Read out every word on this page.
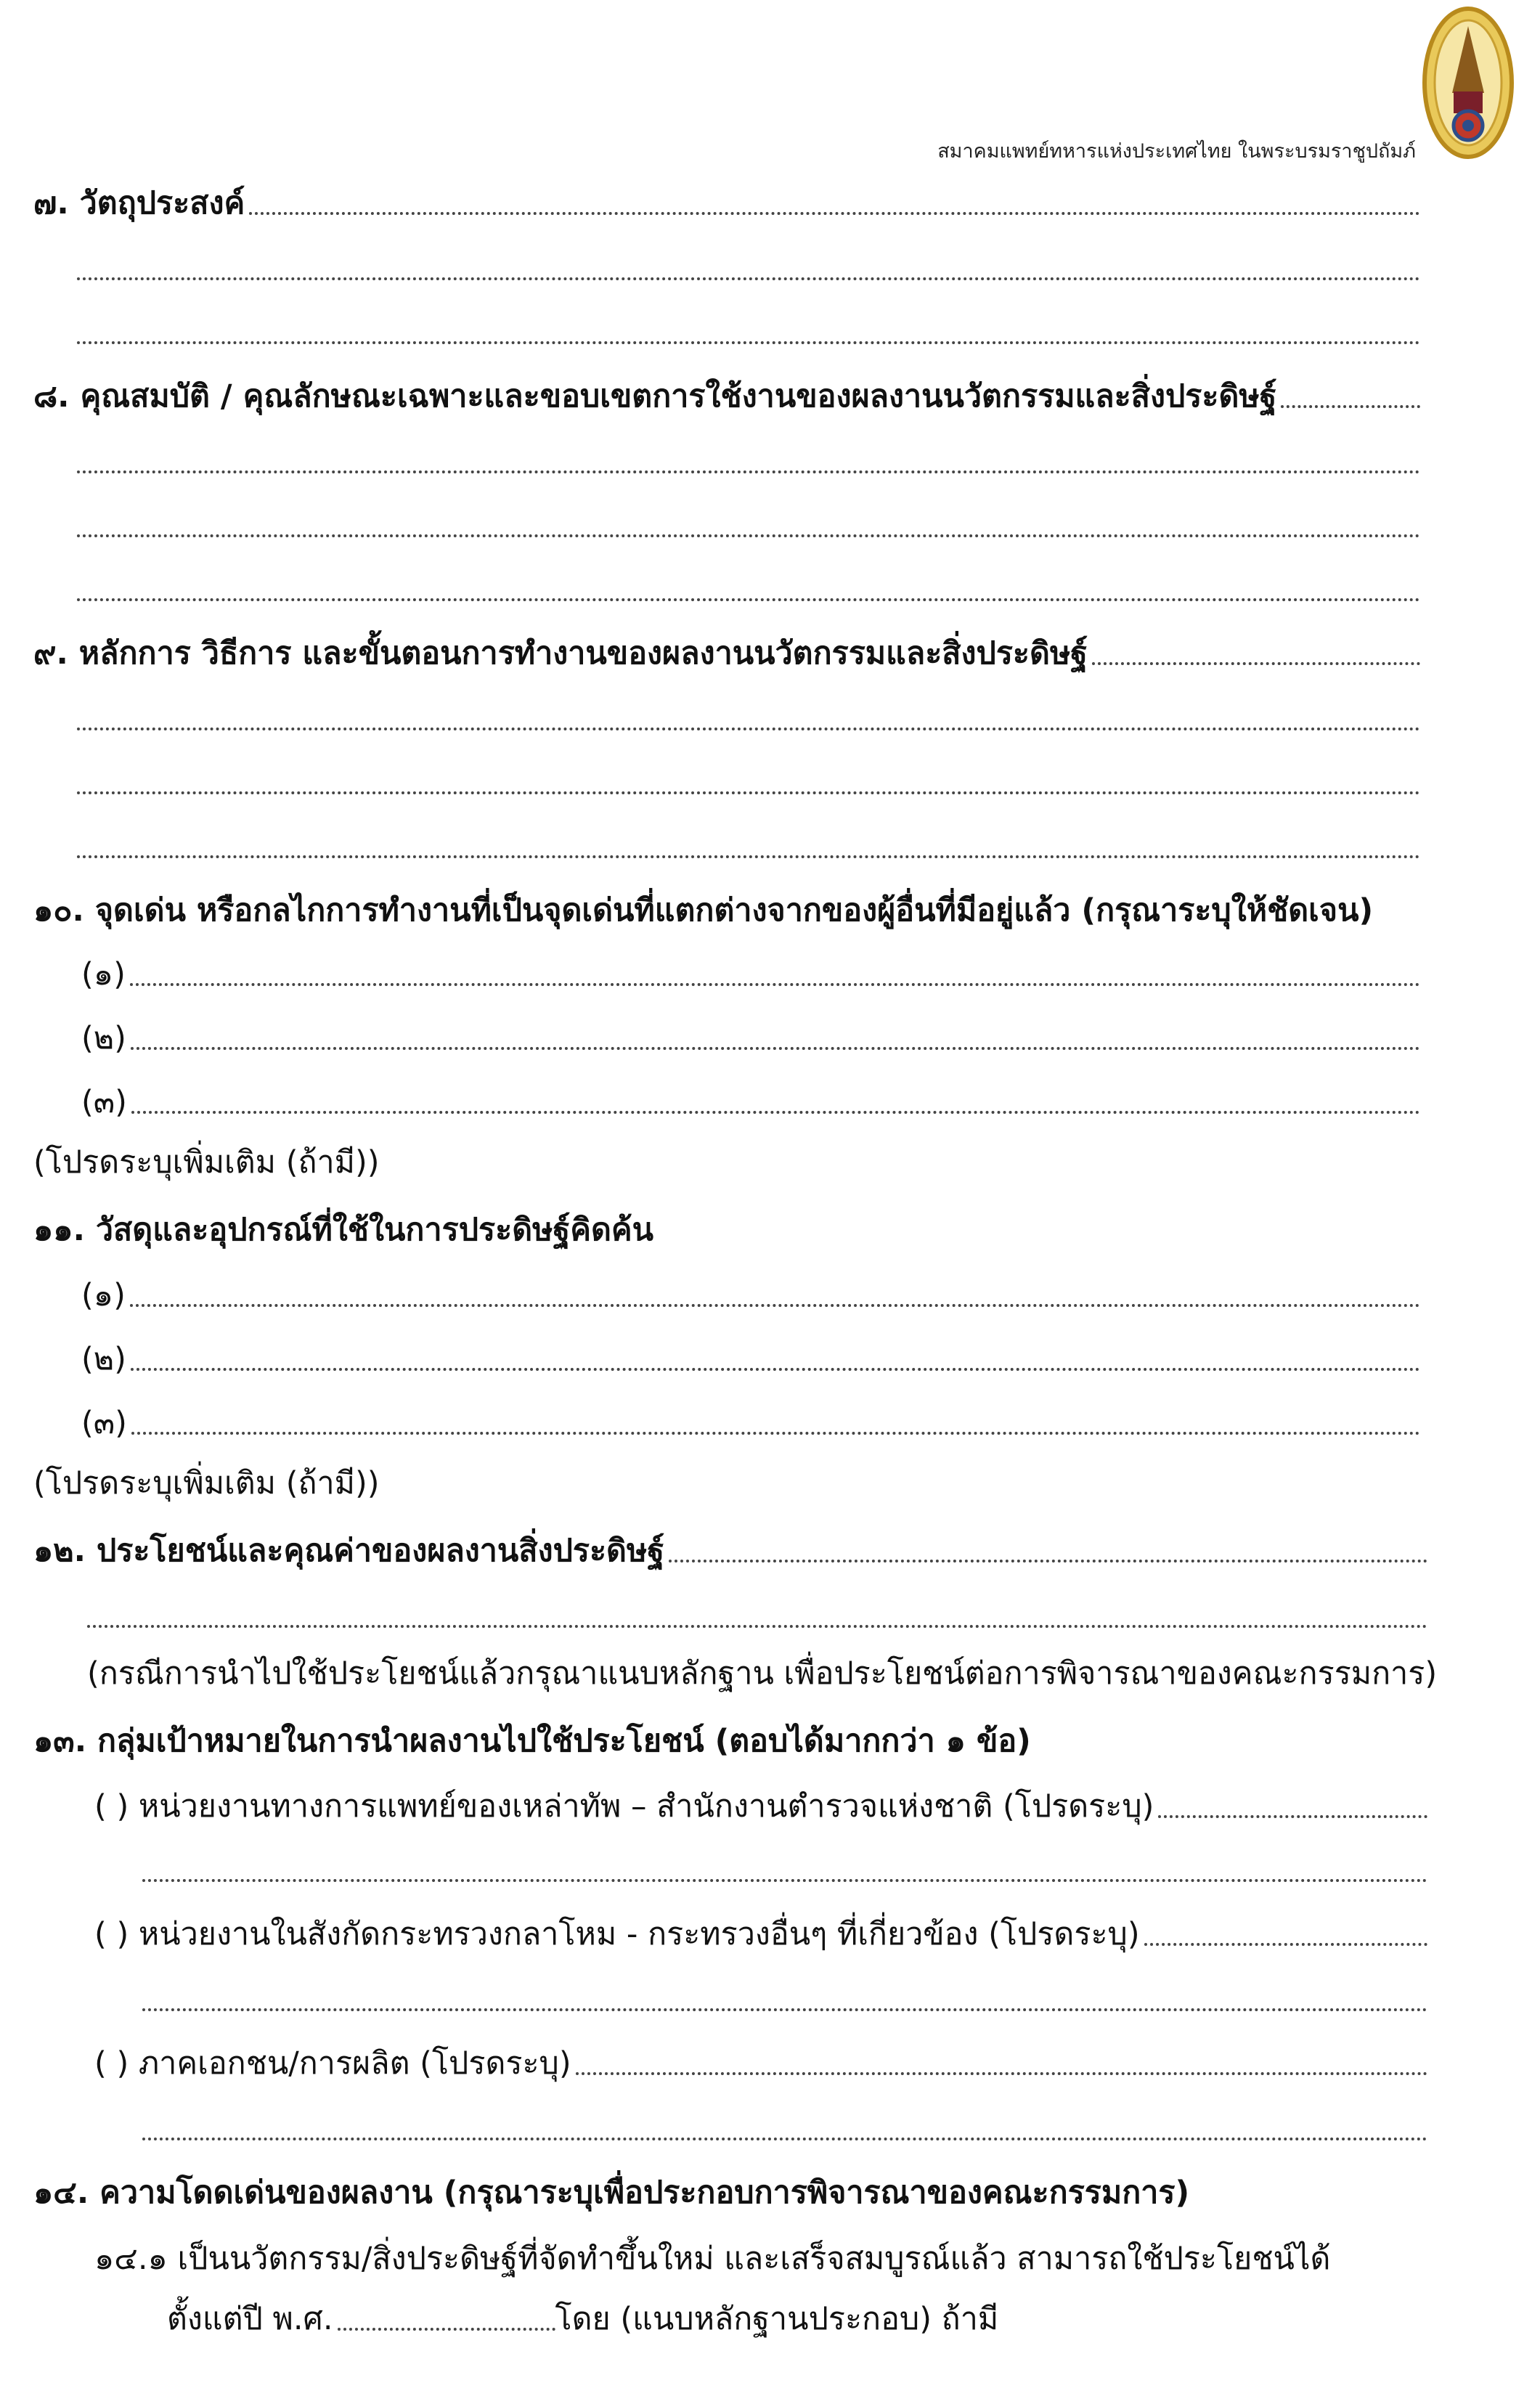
สมาคมแพทย์ทหารแห่งประเทศไทย ในพระบรมราชูปถัมภ์
๗. วัตถุประสงค์
๘. คุณสมบัติ / คุณลักษณะเฉพาะและขอบเขตการใช้งานของผลงานนวัตกรรมและสิ่งประดิษฐ์
๙. หลักการ วิธีการ และขั้นตอนการทำงานของผลงานนวัตกรรมและสิ่งประดิษฐ์
๑๐. จุดเด่น หรือกลไกการทำงานที่เป็นจุดเด่นที่แตกต่างจากของผู้อื่นที่มีอยู่แล้ว (กรุณาระบุให้ชัดเจน)
(๑)
(๒)
(๓)
(โปรดระบุเพิ่มเติม (ถ้ามี))
๑๑. วัสดุและอุปกรณ์ที่ใช้ในการประดิษฐ์คิดค้น
(๑)
(๒)
(๓)
(โปรดระบุเพิ่มเติม (ถ้ามี))
๑๒. ประโยชน์และคุณค่าของผลงานสิ่งประดิษฐ์
(กรณีการนำไปใช้ประโยชน์แล้วกรุณาแนบหลักฐาน เพื่อประโยชน์ต่อการพิจารณาของคณะกรรมการ)
๑๓. กลุ่มเป้าหมายในการนำผลงานไปใช้ประโยชน์ (ตอบได้มากกว่า ๑ ข้อ)
( ) หน่วยงานทางการแพทย์ของเหล่าทัพ – สำนักงานตำรวจแห่งชาติ (โปรดระบุ)
( ) หน่วยงานในสังกัดกระทรวงกลาโหม - กระทรวงอื่นๆ ที่เกี่ยวข้อง (โปรดระบุ)
( ) ภาคเอกชน/การผลิต (โปรดระบุ)
๑๔. ความโดดเด่นของผลงาน (กรุณาระบุเพื่อประกอบการพิจารณาของคณะกรรมการ)
๑๔.๑ เป็นนวัตกรรม/สิ่งประดิษฐ์ที่จัดทำขึ้นใหม่ และเสร็จสมบูรณ์แล้ว สามารถใช้ประโยชน์ได้
ตั้งแต่ปี พ.ศ.	โดย (แนบหลักฐานประกอบ) ถ้ามี
